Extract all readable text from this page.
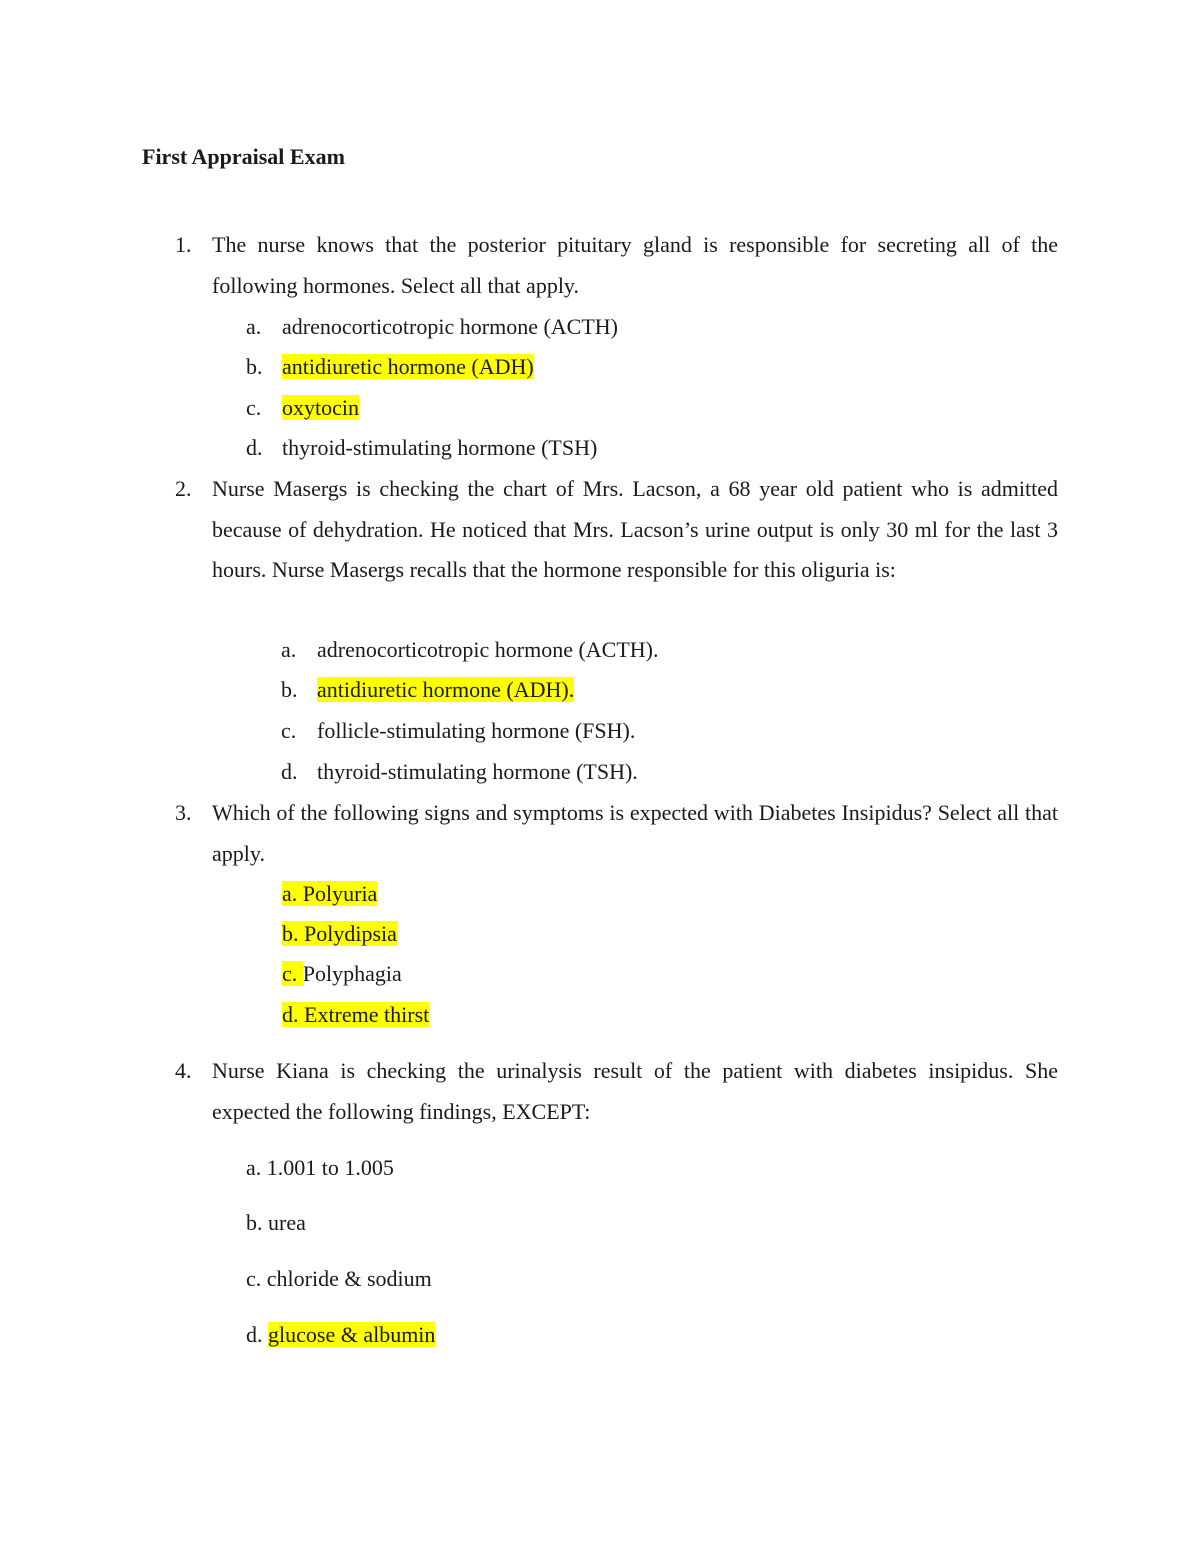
First Appraisal Exam
1. The nurse knows that the posterior pituitary gland is responsible for secreting all of the following hormones. Select all that apply.
a. adrenocorticotropic hormone (ACTH)
b. antidiuretic hormone (ADH)
c. oxytocin
d. thyroid-stimulating hormone (TSH)
2. Nurse Masergs is checking the chart of Mrs. Lacson, a 68 year old patient who is admitted because of dehydration. He noticed that Mrs. Lacson’s urine output is only 30 ml for the last 3 hours. Nurse Masergs recalls that the hormone responsible for this oliguria is:
a. adrenocorticotropic hormone (ACTH).
b. antidiuretic hormone (ADH).
c. follicle-stimulating hormone (FSH).
d. thyroid-stimulating hormone (TSH).
3. Which of the following signs and symptoms is expected with Diabetes Insipidus? Select all that apply.
a. Polyuria
b. Polydipsia
c. Polyphagia
d. Extreme thirst
4. Nurse Kiana is checking the urinalysis result of the patient with diabetes insipidus. She expected the following findings, EXCEPT:
a. 1.001 to 1.005
b. urea
c. chloride & sodium
d. glucose & albumin
